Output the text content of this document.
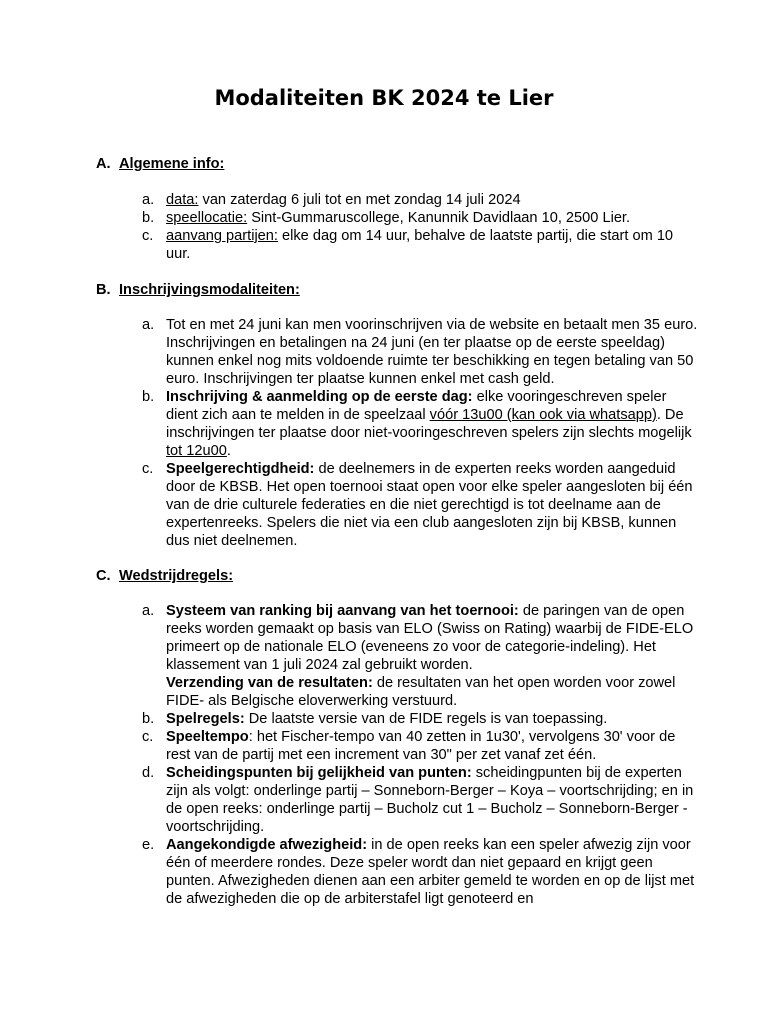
Modaliteiten BK 2024 te Lier
A. Algemene info:
a. data: van zaterdag 6 juli tot en met zondag 14 juli 2024
b. speellocatie: Sint-Gummaruscollege, Kanunnik Davidlaan 10, 2500 Lier.
c. aanvang partijen: elke dag om 14 uur, behalve de laatste partij, die start om 10 uur.
B. Inschrijvingsmodaliteiten:
a. Tot en met 24 juni kan men voorinschrijven via de website en betaalt men 35 euro. Inschrijvingen en betalingen na 24 juni (en ter plaatse op de eerste speeldag) kunnen enkel nog mits voldoende ruimte ter beschikking en tegen betaling van 50 euro. Inschrijvingen ter plaatse kunnen enkel met cash geld.
b. Inschrijving & aanmelding op de eerste dag: elke vooringeschreven speler dient zich aan te melden in de speelzaal vóór 13u00 (kan ook via whatsapp). De inschrijvingen ter plaatse door niet-vooringeschreven spelers zijn slechts mogelijk tot 12u00.
c. Speelgerechtigdheid: de deelnemers in de experten reeks worden aangeduid door de KBSB. Het open toernooi staat open voor elke speler aangesloten bij één van de drie culturele federaties en die niet gerechtigd is tot deelname aan de expertenreeks. Spelers die niet via een club aangesloten zijn bij KBSB, kunnen dus niet deelnemen.
C. Wedstrijdregels:
a. Systeem van ranking bij aanvang van het toernooi: de paringen van de open reeks worden gemaakt op basis van ELO (Swiss on Rating) waarbij de FIDE-ELO primeert op de nationale ELO (eveneens zo voor de categorie-indeling). Het klassement van 1 juli 2024 zal gebruikt worden.
Verzending van de resultaten: de resultaten van het open worden voor zowel FIDE- als Belgische eloverwerking verstuurd.
b. Spelregels: De laatste versie van de FIDE regels is van toepassing.
c. Speeltempo: het Fischer-tempo van 40 zetten in 1u30', vervolgens 30' voor de rest van de partij met een increment van 30" per zet vanaf zet één.
d. Scheidingspunten bij gelijkheid van punten: scheidingpunten bij de experten zijn als volgt: onderlinge partij – Sonneborn-Berger – Koya – voortschrijding; en in de open reeks: onderlinge partij – Bucholz cut 1 – Bucholz – Sonneborn-Berger - voortschrijding.
e. Aangekondigde afwezigheid: in de open reeks kan een speler afwezig zijn voor één of meerdere rondes. Deze speler wordt dan niet gepaard en krijgt geen punten. Afwezigheden dienen aan een arbiter gemeld te worden en op de lijst met de afwezigheden die op de arbiterstafel ligt genoteerd en
